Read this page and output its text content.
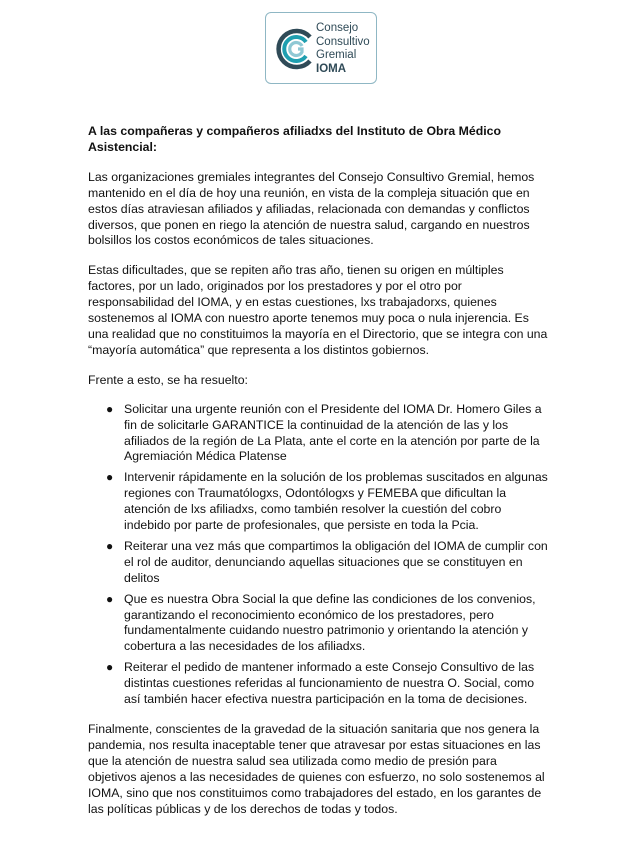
Consejo
Consultivo
Gremial
IOMA
A las compañeras y compañeros afiliadxs del Instituto de Obra Médico Asistencial:

Las organizaciones gremiales integrantes del Consejo Consultivo Gremial, hemos mantenido en el día de hoy una reunión, en vista de la compleja situación que en estos días atraviesan afiliados y afiliadas, relacionada con demandas y conflictos diversos, que ponen en riego la atención de nuestra salud, cargando en nuestros bolsillos los costos económicos de tales situaciones.

Estas dificultades, que se repiten año tras año, tienen su origen en múltiples factores, por un lado, originados por los prestadores y por el otro por responsabilidad del IOMA, y en estas cuestiones, lxs trabajadorxs, quienes sostenemos al IOMA con nuestro aporte tenemos muy poca o nula injerencia. Es una realidad que no constituimos la mayoría en el Directorio, que se integra con una “mayoría automática” que representa a los distintos gobiernos.

Frente a esto, se ha resuelto:

● Solicitar una urgente reunión con el Presidente del IOMA Dr. Homero Giles a fin de solicitarle GARANTICE la continuidad de la atención de las y los afiliados de la región de La Plata, ante el corte en la atención por parte de la Agremiación Médica Platense
● Intervenir rápidamente en la solución de los problemas suscitados en algunas regiones con Traumatólogxs, Odontólogxs y FEMEBA que dificultan la atención de lxs afiliadxs, como también resolver la cuestión del cobro indebido por parte de profesionales, que persiste en toda la Pcia.
● Reiterar una vez más que compartimos la obligación del IOMA de cumplir con el rol de auditor, denunciando aquellas situaciones que se constituyen en delitos
● Que es nuestra Obra Social la que define las condiciones de los convenios, garantizando el reconocimiento económico de los prestadores, pero fundamentalmente cuidando nuestro patrimonio y orientando la atención y cobertura a las necesidades de los afiliadxs.
● Reiterar el pedido de mantener informado a este Consejo Consultivo de las distintas cuestiones referidas al funcionamiento de nuestra O. Social, como así también hacer efectiva nuestra participación en la toma de decisiones.

Finalmente, conscientes de la gravedad de la situación sanitaria que nos genera la pandemia, nos resulta inaceptable tener que atravesar por estas situaciones en las que la atención de nuestra salud sea utilizada como medio de presión para objetivos ajenos a las necesidades de quienes con esfuerzo, no solo sostenemos al IOMA, sino que nos constituimos como trabajadores del estado, en los garantes de las políticas públicas y de los derechos de todas y todos.
